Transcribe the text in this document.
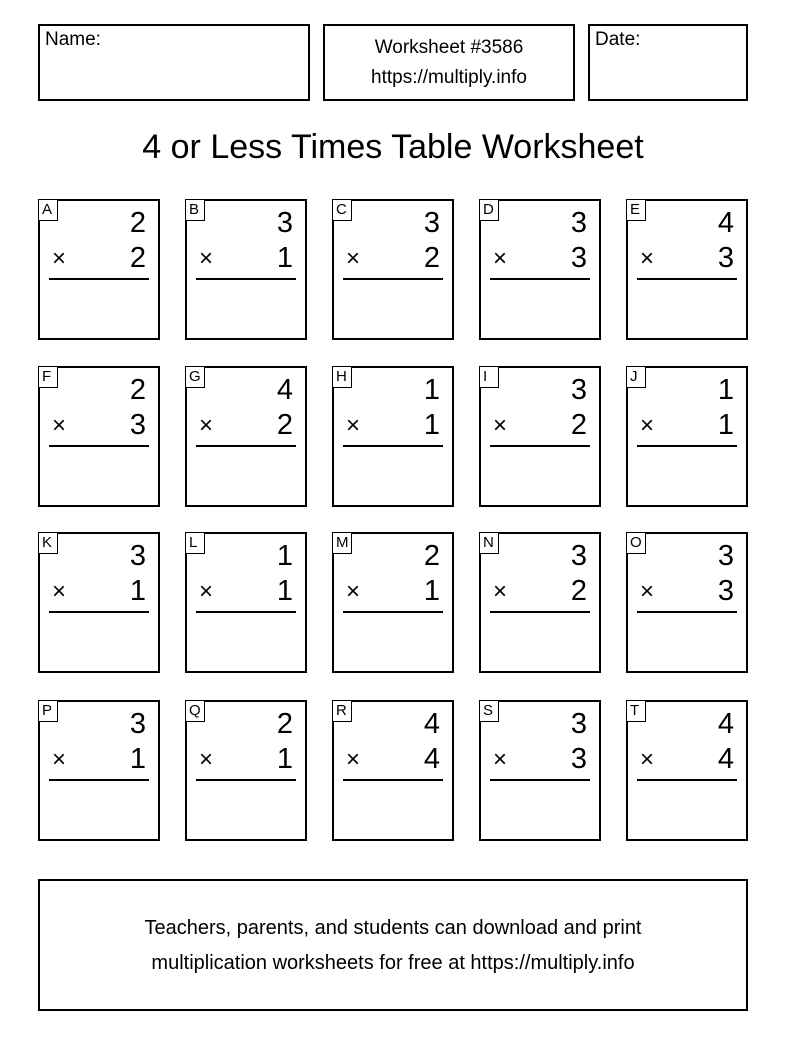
Name:	Worksheet #3586
https://multiply.info
Date:
4 or Less Times Table Worksheet
A	2
× 2
B	3
× 1
C	3
× 2
D	3
× 3
E	4
× 3
F	2
× 3
G	4
× 2
H	1
× 1
I	3
× 2
J	1
× 1
K	3
× 1
L	1
× 1
M	2
× 1
N	3
× 2
O	3
× 3
P	3
× 1
Q	2
× 1
R	4
× 4
S	3
× 3
T	4
× 4
Teachers, parents, and students can download and print
multiplication worksheets for free at https://multiply.info
